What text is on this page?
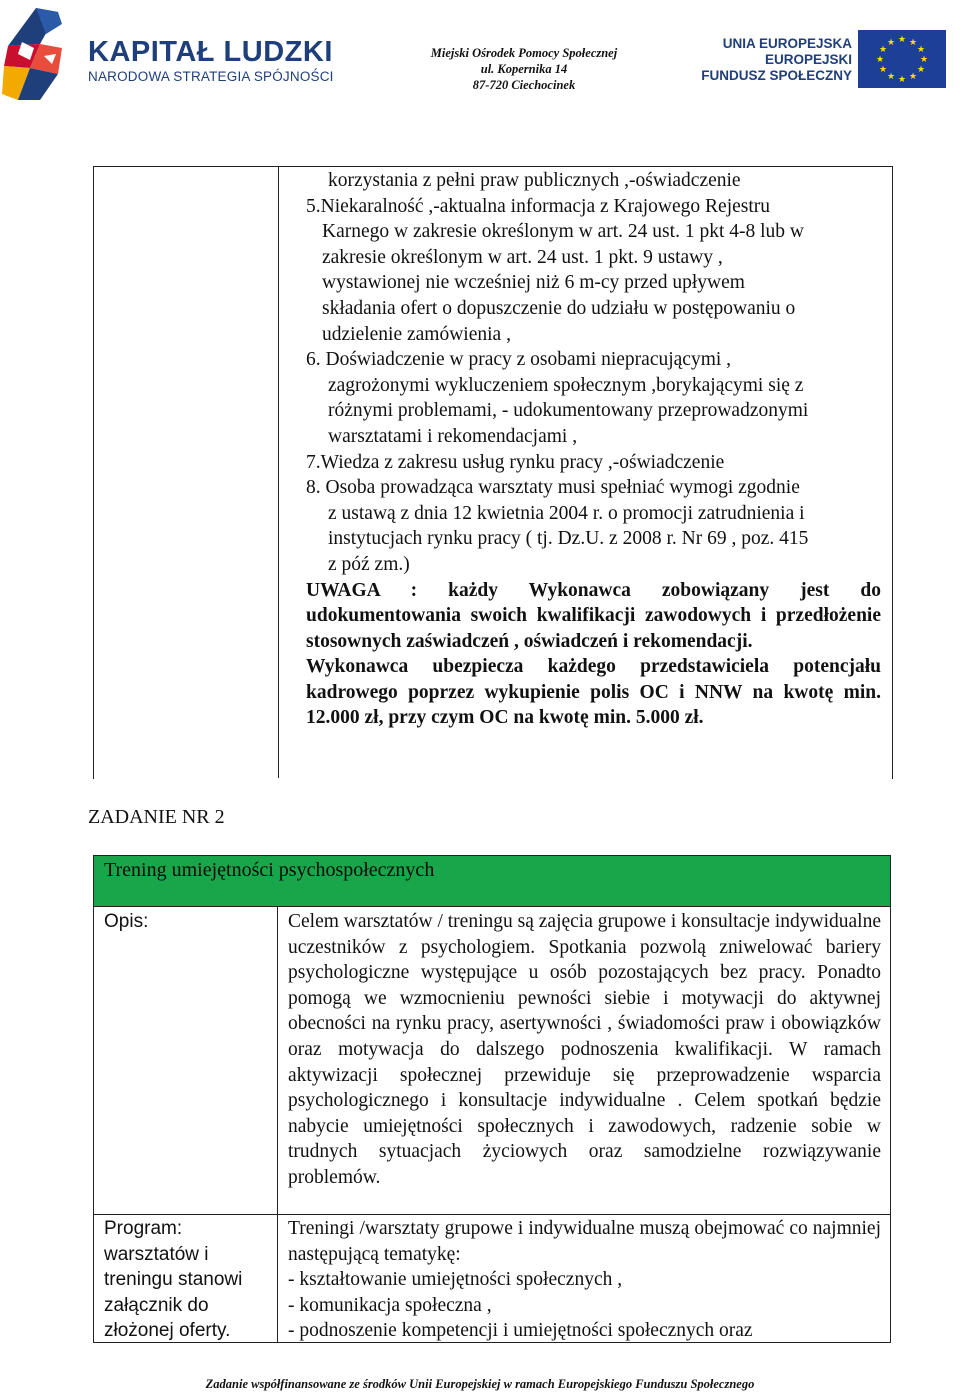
KAPITAŁ LUDZKI
NARODOWA STRATEGIA SPÓJNOŚCI
Miejski Ośrodek Pomocy Społecznej
ul. Kopernika 14
87-720 Ciechocinek
UNIA EUROPEJSKA
EUROPEJSKI
FUNDUSZ SPOŁECZNY
★ ★
★
★
★
★
★
★
★
★
★
★

korzystania z pełni praw publicznych ,-oświadczenie

5.Niekaralność ,-aktualna informacja z Krajowego Rejestru

Karnego w zakresie określonym w art. 24 ust. 1 pkt 4-8 lub w

zakresie określonym w art. 24 ust. 1 pkt. 9 ustawy ,

wystawionej nie wcześniej niż 6 m-cy przed upływem

składania ofert o dopuszczenie do udziału w postępowaniu o

udzielenie zamówienia ,

6. Doświadczenie w pracy z osobami niepracującymi ,

zagrożonymi wykluczeniem społecznym ,borykającymi się z

różnymi problemami, - udokumentowany przeprowadzonymi

warsztatami i rekomendacjami ,

7.Wiedza z zakresu usług rynku pracy ,-oświadczenie

8. Osoba prowadząca warsztaty musi spełniać wymogi zgodnie

z ustawą z dnia 12 kwietnia 2004 r. o promocji zatrudnienia i

instytucjach rynku pracy ( tj. Dz.U. z 2008 r. Nr 69 , poz. 415

z póź zm.)

UWAGA : każdy Wykonawca zobowiązany jest do udokumentowania swoich kwalifikacji zawodowych i przedłożenie stosownych zaświadczeń , oświadczeń i rekomendacji.

Wykonawca ubezpiecza każdego przedstawiciela potencjału kadrowego poprzez wykupienie polis OC i NNW na kwotę min. 12.000 zł, przy czym OC na kwotę min. 5.000 zł.

ZADANIE NR 2
Trening umiejętności psychospołecznych
Opis:	Celem warsztatów / treningu są zajęcia grupowe i konsultacje indywidualne uczestników z psychologiem. Spotkania pozwolą zniwelować bariery psychologiczne występujące u osób pozostających bez pracy. Ponadto pomogą we wzmocnieniu pewności siebie i motywacji do aktywnej obecności na rynku pracy, asertywności , świadomości praw i obowiązków oraz motywacja do dalszego podnoszenia kwalifikacji. W ramach aktywizacji społecznej przewiduje się przeprowadzenie wsparcia psychologicznego i konsultacje indywidualne . Celem spotkań będzie nabycie umiejętności społecznych i zawodowych, radzenie sobie w trudnych sytuacjach życiowych oraz samodzielne rozwiązywanie problemów.
Program: warsztatów i treningu stanowi załącznik do złożonej oferty.

Treningi /warsztaty grupowe i indywidualne muszą obejmować co najmniej następującą tematykę:

- kształtowanie umiejętności społecznych ,

- komunikacja społeczna ,

- podnoszenie kompetencji i umiejętności społecznych oraz

Zadanie współfinansowane ze środków Unii Europejskiej w ramach Europejskiego Funduszu Społecznego
